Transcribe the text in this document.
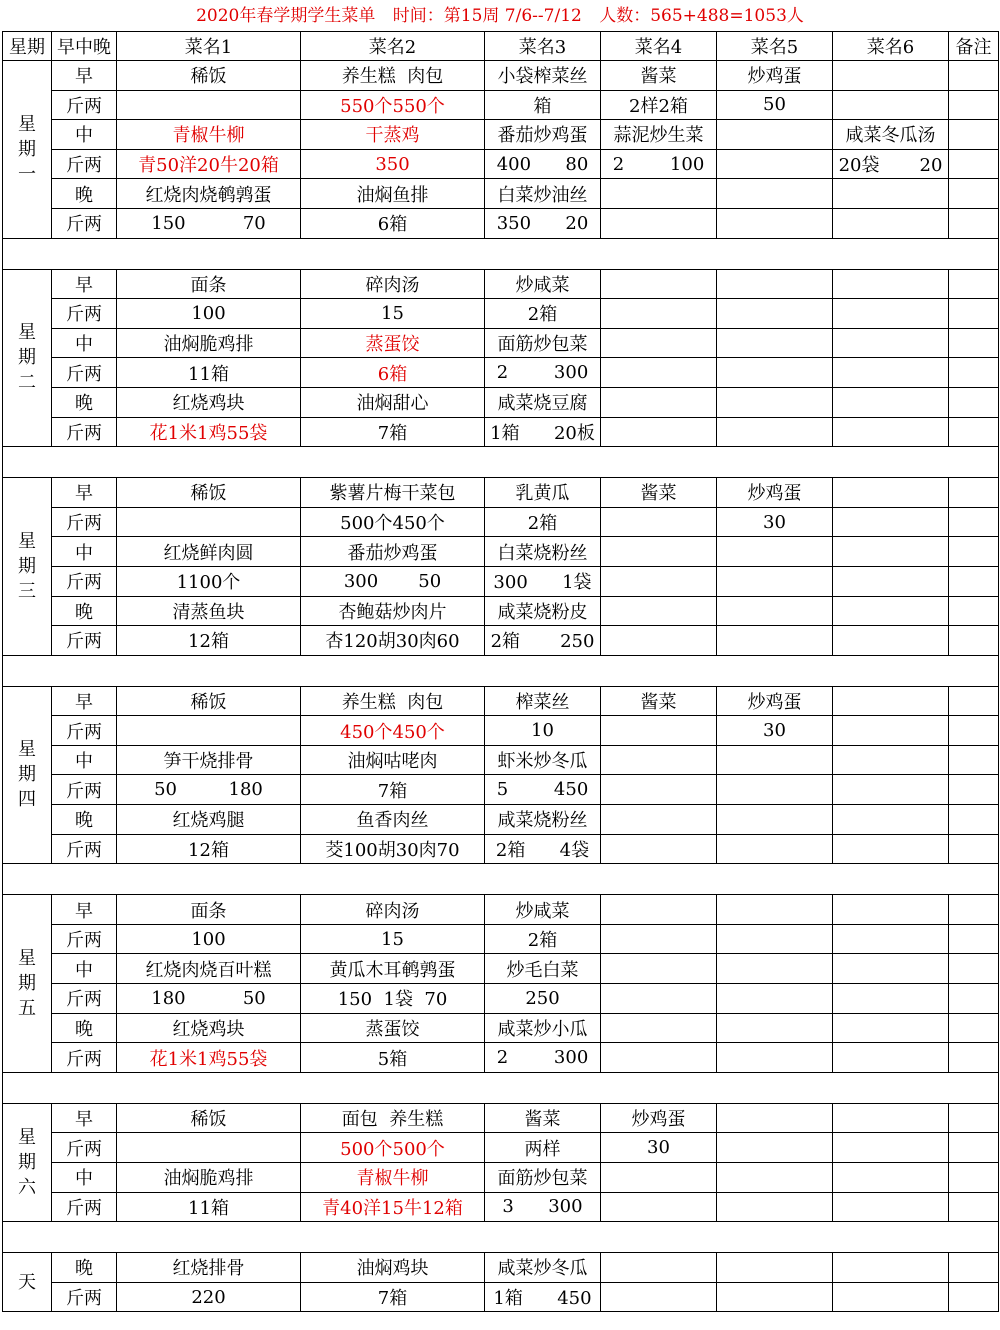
2020年春学期学生菜单 时间：第15周 7/6--7/12 人数：565+488=1053人
星期	早中晚	菜名1	菜名2	菜名3	菜名4	菜名5	菜名6	备注	
星
期
一	早	稀饭	养生糕  肉包	小袋榨菜丝	酱菜	炒鸡蛋			
	斤两		550个550个	箱	2样2箱	50			
	中	青椒牛柳	干蒸鸡	番茄炒鸡蛋	蒜泥炒生菜		咸菜冬瓜汤		
	斤两	青50洋20牛20箱	350	400      80	2        100		20袋       20		
	晚	红烧肉烧鹌鹑蛋	油焖鱼排	白菜炒油丝					
	斤两	150          70	6箱	350      20					

星
期
二	早	面条	碎肉汤	炒咸菜					
	斤两	100	15	2箱					
	中	油焖脆鸡排	蒸蛋饺	面筋炒包菜					
	斤两	11箱	6箱	2        300					
	晚	红烧鸡块	油焖甜心	咸菜烧豆腐					
	斤两	花1米1鸡55袋	7箱	1箱      20板					

星
期
三	早	稀饭	紫薯片梅干菜包	乳黄瓜	酱菜	炒鸡蛋			
	斤两		500个450个	2箱		30			
	中	红烧鲜肉圆	番茄炒鸡蛋	白菜烧粉丝					
	斤两	1100个	300       50	300      1袋					
	晚	清蒸鱼块	杏鲍菇炒肉片	咸菜烧粉皮					
	斤两	12箱	杏120胡30肉60	2箱       250					

星
期
四	早	稀饭	养生糕  肉包	榨菜丝	酱菜	炒鸡蛋			
	斤两		450个450个	10		30			
	中	笋干烧排骨	油焖咕咾肉	虾米炒冬瓜					
	斤两	50         180	7箱	5        450					
	晚	红烧鸡腿	鱼香肉丝	咸菜烧粉丝					
	斤两	12箱	茭100胡30肉70	2箱      4袋					

星
期
五	早	面条	碎肉汤	炒咸菜					
	斤两	100	15	2箱					
	中	红烧肉烧百叶糕	黄瓜木耳鹌鹑蛋	炒毛白菜					
	斤两	180          50	150  1袋  70	250					
	晚	红烧鸡块	蒸蛋饺	咸菜炒小瓜					
	斤两	花1米1鸡55袋	5箱	2        300					

星
期
六	早	稀饭	面包  养生糕	酱菜	炒鸡蛋				
	斤两		500个500个	两样	30				
	中	油焖脆鸡排	青椒牛柳	面筋炒包菜					
	斤两	11箱	青40洋15牛12箱	3      300					

天	晚	红烧排骨	油焖鸡块	咸菜炒冬瓜					
	斤两	220	7箱	1箱      450					
